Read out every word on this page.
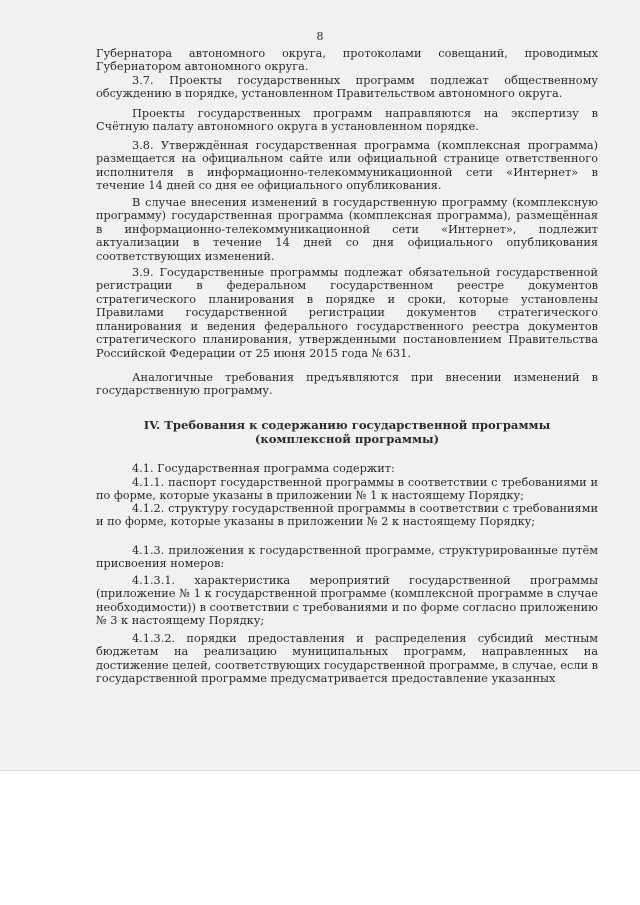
8

Губернатора автономного округа, протоколами совещаний, проводимых Губернатором автономного округа.

3.7. Проекты государственных программ подлежат общественному обсуждению в порядке, установленном Правительством автономного округа.

Проекты государственных программ направляются на экспертизу в Счётную палату автономного округа в установленном порядке.

3.8. Утверждённая государственная программа (комплексная программа) размещается на официальном сайте или официальной странице ответственного исполнителя в информационно-телекоммуникационной сети «Интернет» в течение 14 дней со дня ее официального опубликования.

В случае внесения изменений в государственную программу (комплексную программу) государственная программа (комплексная программа), размещённая в информационно-телекоммуникационной сети «Интернет», подлежит актуализации в течение 14 дней со дня официального опубликования соответствующих изменений.

3.9. Государственные программы подлежат обязательной государственной регистрации в федеральном государственном реестре документов стратегического планирования в порядке и сроки, которые установлены Правилами государственной регистрации документов стратегического планирования и ведения федерального государственного реестра документов стратегического планирования, утвержденными постановлением Правительства Российской Федерации от 25 июня 2015 года № 631.

Аналогичные требования предъявляются при внесении изменений в государственную программу.

IV. Требования к содержанию государственной программы

(комплексной программы)

4.1. Государственная программа содержит:

4.1.1. паспорт государственной программы в соответствии с требованиями и по форме, которые указаны в приложении № 1 к настоящему Порядку;

4.1.2. структуру государственной программы в соответствии с требованиями и по форме, которые указаны в приложении № 2 к настоящему Порядку;

4.1.3. приложения к государственной программе, структурированные путём присвоения номеров:

4.1.3.1. характеристика мероприятий государственной программы (приложение № 1 к государственной программе (комплексной программе в случае необходимости)) в соответствии с требованиями и по форме согласно приложению № 3 к настоящему Порядку;

4.1.3.2. порядки предоставления и распределения субсидий местным бюджетам на реализацию муниципальных программ, направленных на достижение целей, соответствующих государственной программе, в случае, если в государственной программе предусматривается предоставление указанных
